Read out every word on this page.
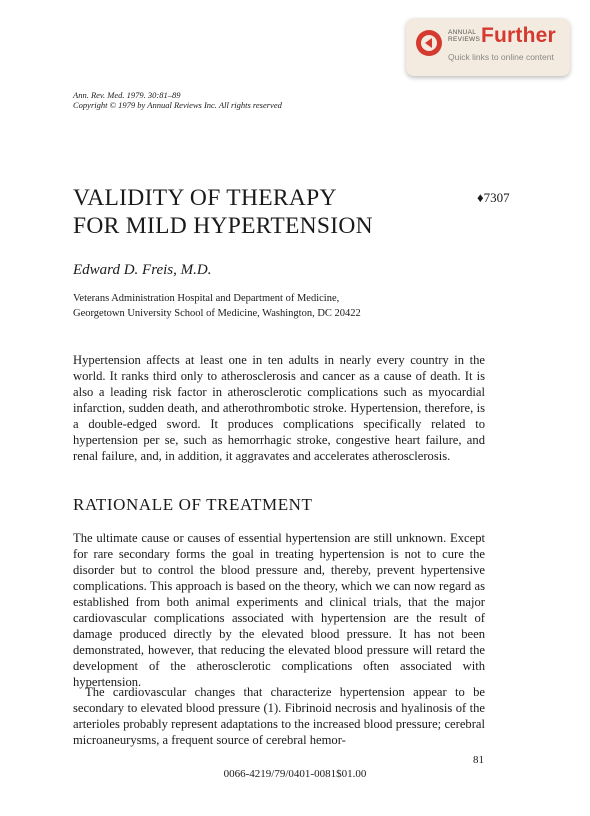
ANNUAL REVIEWS Further
Quick links to online content
Ann. Rev. Med. 1979. 30:81–89
Copyright © 1979 by Annual Reviews Inc. All rights reserved
VALIDITY OF THERAPY
FOR MILD HYPERTENSION
♦7307
Edward D. Freis, M.D.
Veterans Administration Hospital and Department of Medicine,
Georgetown University School of Medicine, Washington, DC 20422

Hypertension affects at least one in ten adults in nearly every country in the world. It ranks third only to atherosclerosis and cancer as a cause of death. It is also a leading risk factor in atherosclerotic complications such as myocardial infarction, sudden death, and atherothrombotic stroke. Hypertension, therefore, is a double-edged sword. It produces complications specifically related to hypertension per se, such as hemorrhagic stroke, congestive heart failure, and renal failure, and, in addition, it aggravates and accelerates atherosclerosis.

RATIONALE OF TREATMENT

The ultimate cause or causes of essential hypertension are still unknown. Except for rare secondary forms the goal in treating hypertension is not to cure the disorder but to control the blood pressure and, thereby, prevent hypertensive complications. This approach is based on the theory, which we can now regard as established from both animal experiments and clinical trials, that the major cardiovascular complications associated with hypertension are the result of damage produced directly by the elevated blood pressure. It has not been demonstrated, however, that reducing the elevated blood pressure will retard the development of the atherosclerotic complications often associated with hypertension.

The cardiovascular changes that characterize hypertension appear to be secondary to elevated blood pressure (1). Fibrinoid necrosis and hyalinosis of the arterioles probably represent adaptations to the increased blood pressure; cerebral microaneurysms, a frequent source of cerebral hemor-

81
0066-4219/79/0401-0081$01.00
